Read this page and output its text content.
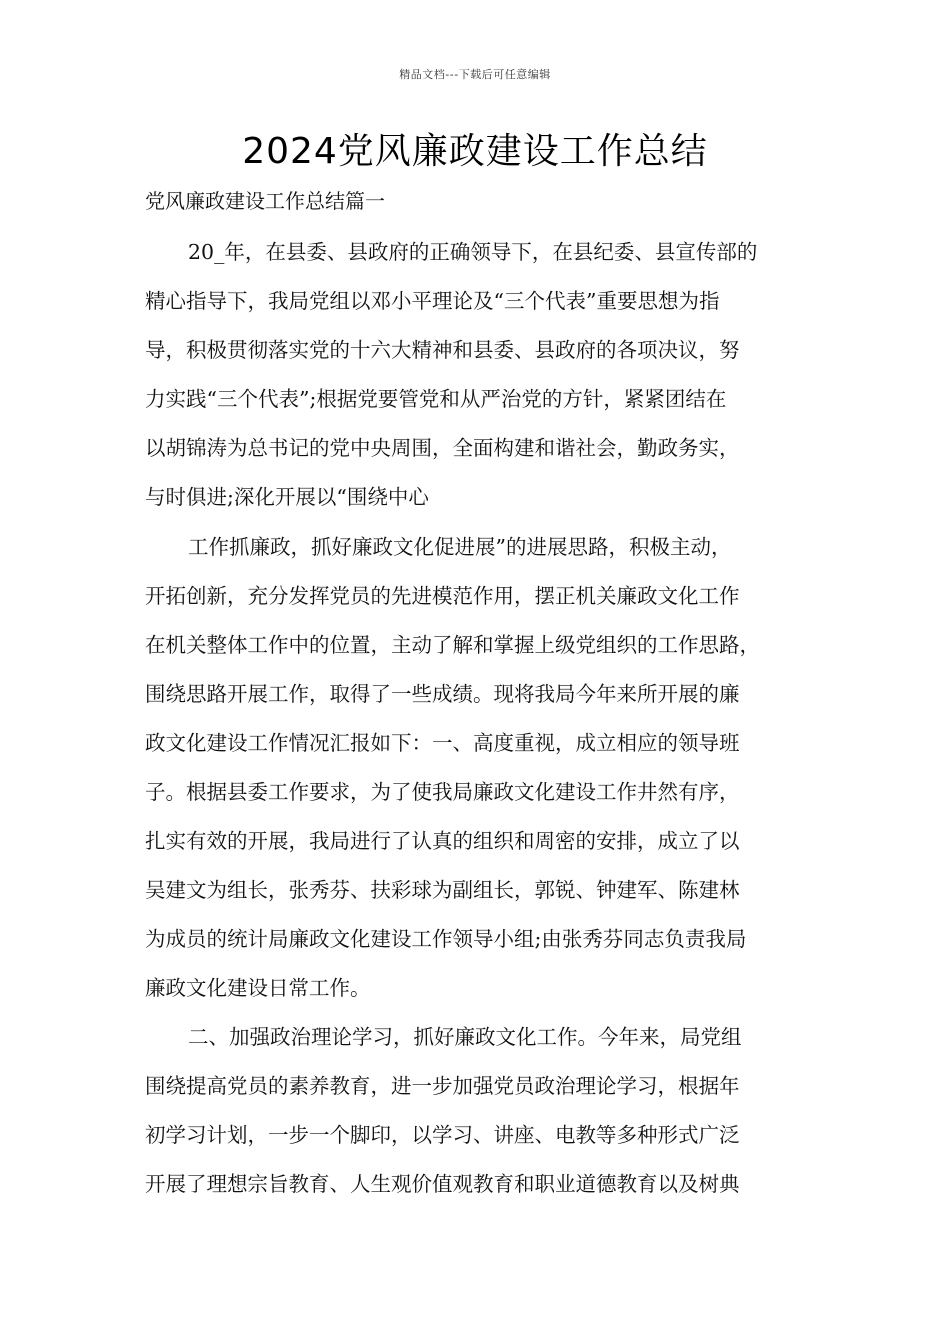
精品文档---下载后可任意编辑
2024党风廉政建设工作总结
党风廉政建设工作总结篇一
20_年，在县委、县政府的正确领导下，在县纪委、县宣传部的
精心指导下，我局党组以邓小平理论及“三个代表”重要思想为指
导，积极贯彻落实党的十六大精神和县委、县政府的各项决议，努
力实践“三个代表”;根据党要管党和从严治党的方针，紧紧团结在
以胡锦涛为总书记的党中央周围，全面构建和谐社会，勤政务实，
与时俱进;深化开展以“围绕中心
工作抓廉政，抓好廉政文化促进展”的进展思路，积极主动，
开拓创新，充分发挥党员的先进模范作用，摆正机关廉政文化工作
在机关整体工作中的位置，主动了解和掌握上级党组织的工作思路，
围绕思路开展工作，取得了一些成绩。现将我局今年来所开展的廉
政文化建设工作情况汇报如下：一、高度重视，成立相应的领导班
子。根据县委工作要求，为了使我局廉政文化建设工作井然有序，
扎实有效的开展，我局进行了认真的组织和周密的安排，成立了以
吴建文为组长，张秀芬、扶彩球为副组长，郭锐、钟建军、陈建林
为成员的统计局廉政文化建设工作领导小组;由张秀芬同志负责我局
廉政文化建设日常工作。
二、加强政治理论学习，抓好廉政文化工作。今年来，局党组
围绕提高党员的素养教育，进一步加强党员政治理论学习，根据年
初学习计划，一步一个脚印，以学习、讲座、电教等多种形式广泛
开展了理想宗旨教育、人生观价值观教育和职业道德教育以及树典
